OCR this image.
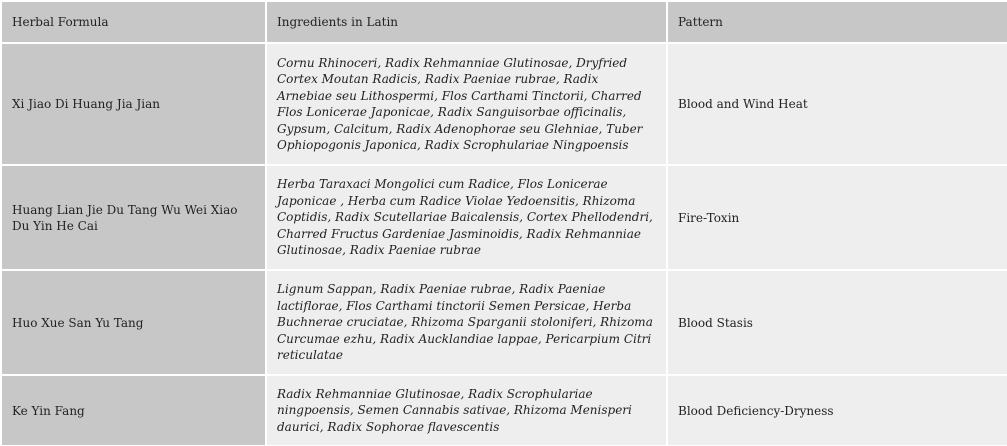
Herbal Formula	Ingredients in Latin	Pattern
Xi Jiao Di Huang Jia Jian	Cornu Rhinoceri, Radix Rehmanniae Glutinosae, Dryfried Cortex Moutan Radicis, Radix Paeniae rubrae, Radix Arnebiae seu Lithospermi, Flos Carthami Tinctorii, Charred Flos Lonicerae Japonicae, Radix Sanguisorbae officinalis, Gypsum, Calcitum, Radix Adenophorae seu Glehniae, Tuber Ophiopogonis Japonica, Radix Scrophulariae Ningpoensis	Blood and Wind Heat
Huang Lian Jie Du Tang Wu Wei Xiao Du Yin He Cai	Herba Taraxaci Mongolici cum Radice, Flos Lonicerae Japonicae , Herba cum Radice Violae Yedoensitis, Rhizoma Coptidis, Radix Scutellariae Baicalensis, Cortex Phellodendri, Charred Fructus Gardeniae Jasminoidis, Radix Rehmanniae Glutinosae, Radix Paeniae rubrae	Fire-Toxin
Huo Xue San Yu Tang	Lignum Sappan, Radix Paeniae rubrae, Radix Paeniae lactiflorae, Flos Carthami tinctorii Semen Persicae, Herba Buchnerae cruciatae, Rhizoma Sparganii stoloniferi, Rhizoma Curcumae ezhu, Radix Aucklandiae lappae, Pericarpium Citri reticulatae	Blood Stasis
Ke Yin Fang	Radix Rehmanniae Glutinosae, Radix Scrophulariae ningpoensis, Semen Cannabis sativae, Rhizoma Menisperi daurici, Radix Sophorae flavescentis	Blood Deficiency-Dryness
